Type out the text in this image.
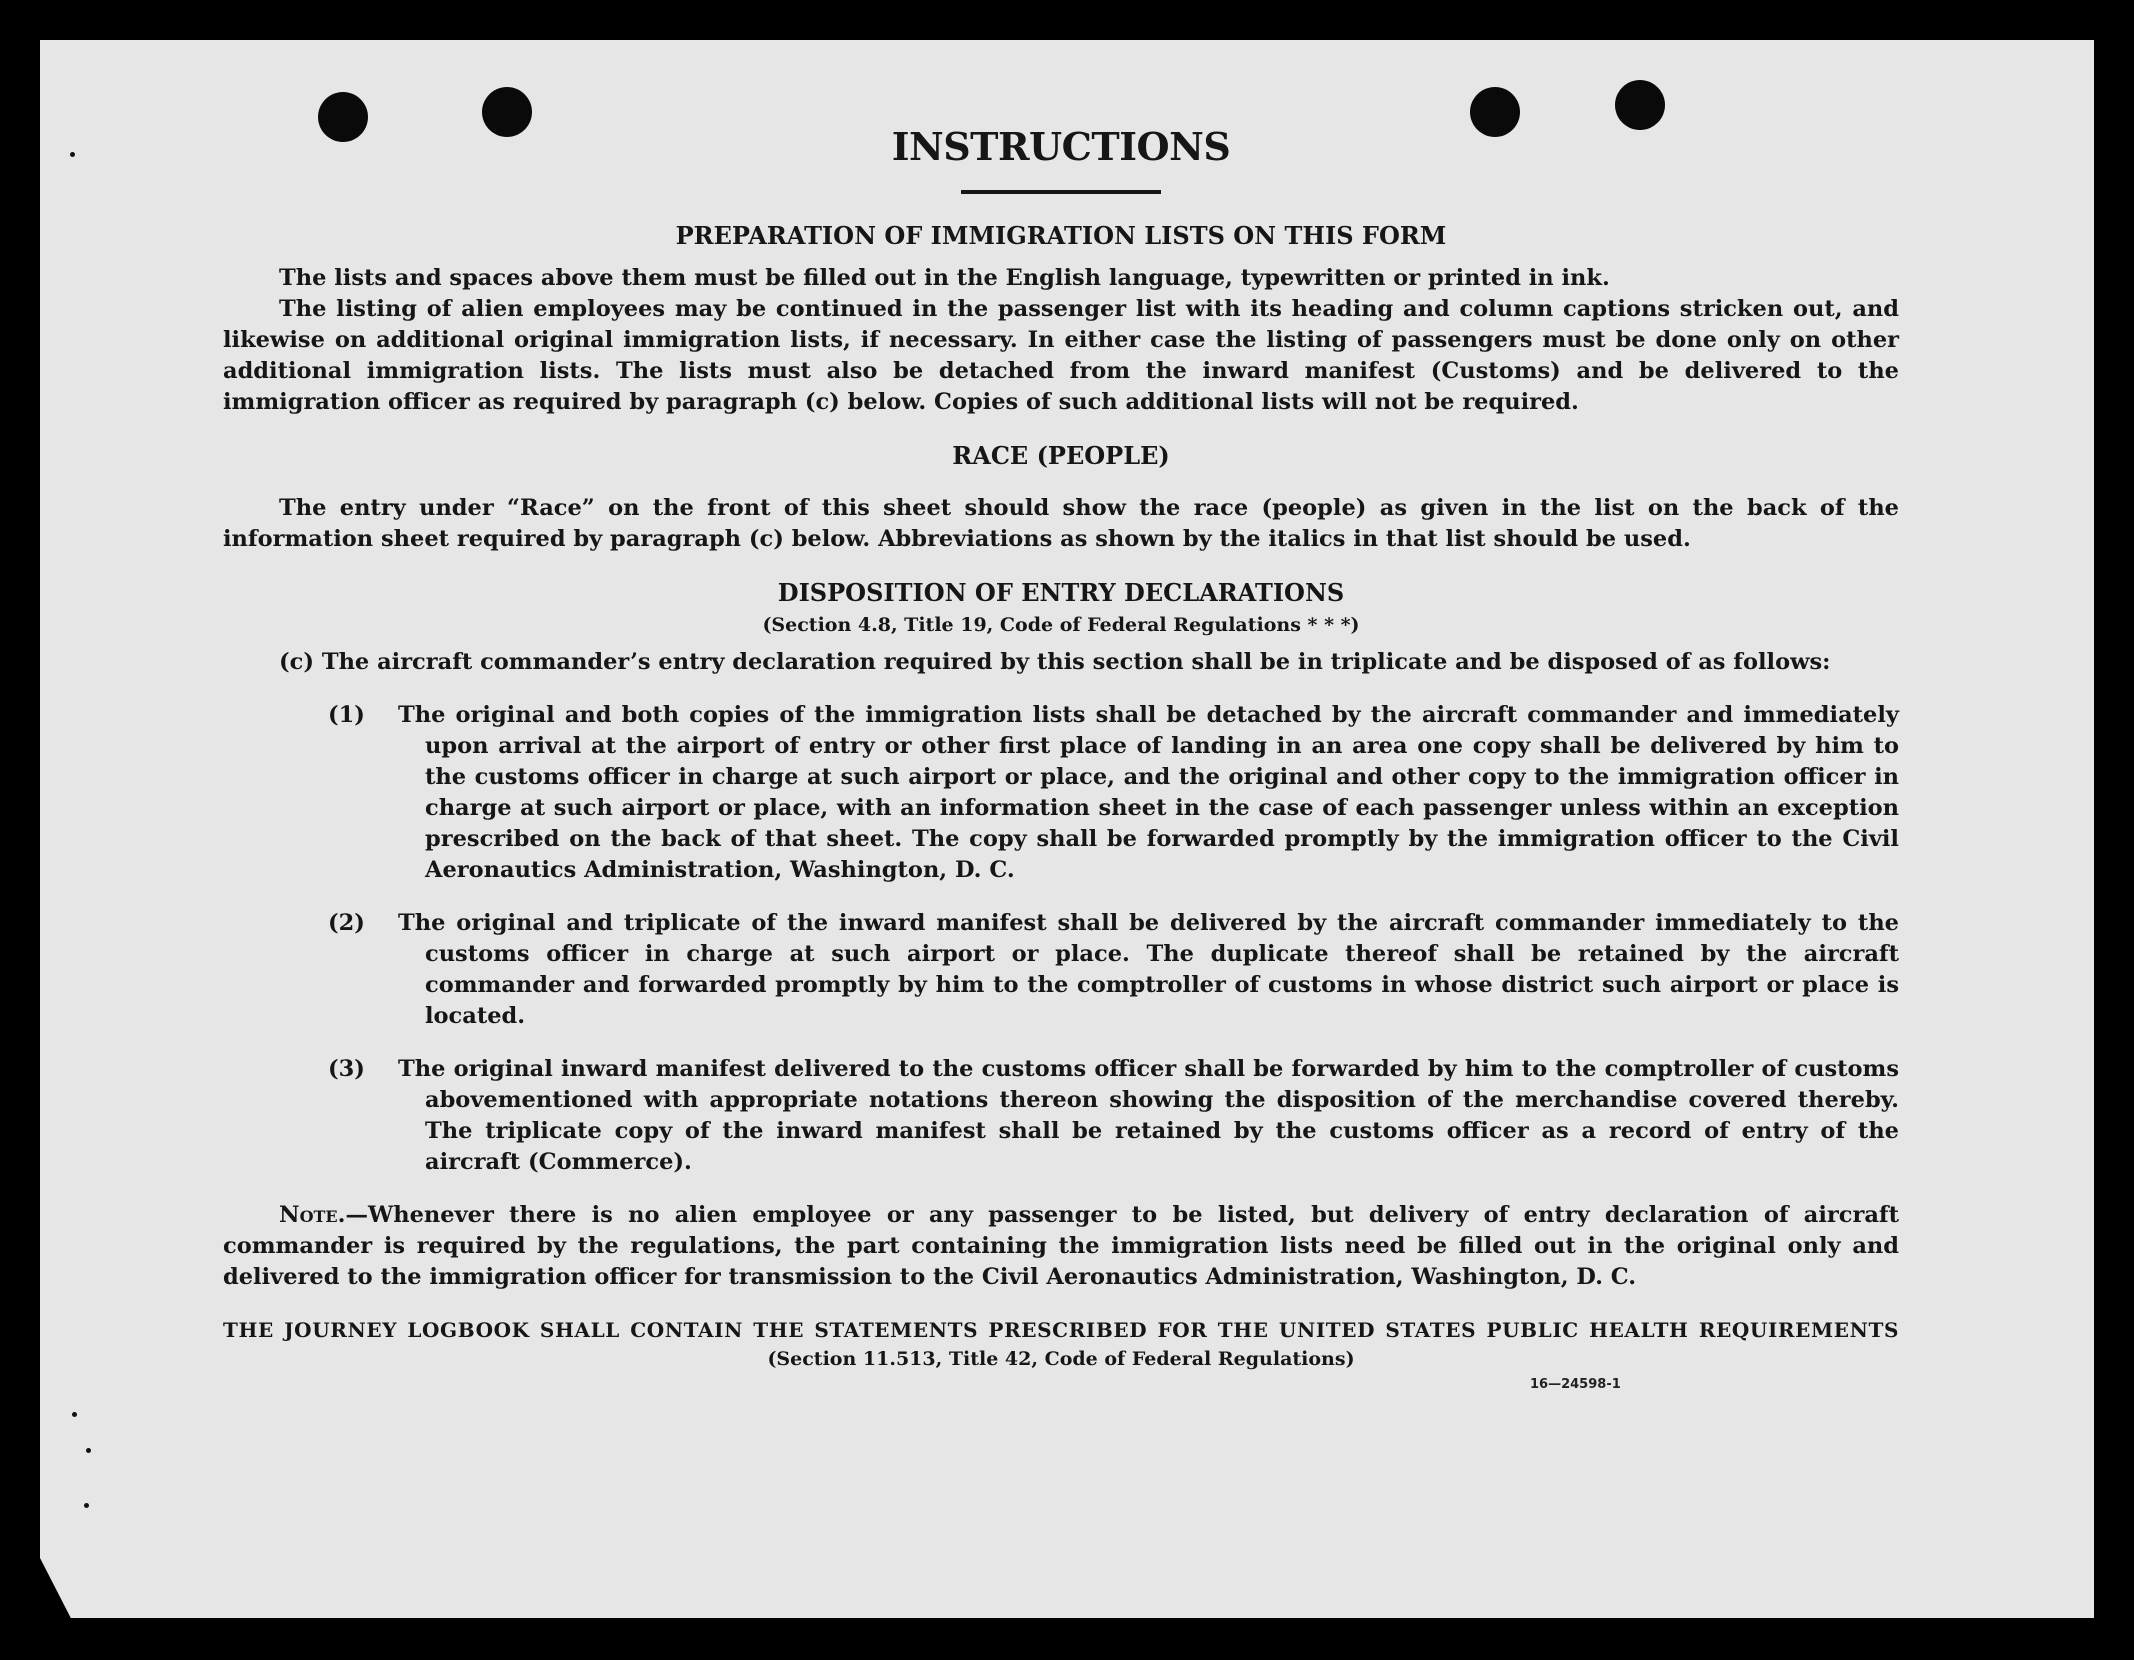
INSTRUCTIONS
PREPARATION OF IMMIGRATION LISTS ON THIS FORM

The lists and spaces above them must be filled out in the English language, typewritten or printed in ink.

The listing of alien employees may be continued in the passenger list with its heading and column captions stricken out, and likewise on additional original immigration lists, if necessary. In either case the listing of passengers must be done only on other additional immigration lists. The lists must also be detached from the inward manifest (Customs) and be delivered to the immigration officer as required by paragraph (c) below. Copies of such additional lists will not be required.

RACE (PEOPLE)

The entry under “Race” on the front of this sheet should show the race (people) as given in the list on the back of the information sheet required by paragraph (c) below. Abbreviations as shown by the italics in that list should be used.

DISPOSITION OF ENTRY DECLARATIONS
(Section 4.8, Title 19, Code of Federal Regulations * * *)

(c) The aircraft commander’s entry declaration required by this section shall be in triplicate and be disposed of as follows:

(1) The original and both copies of the immigration lists shall be detached by the aircraft commander and immediately upon arrival at the airport of entry or other first place of landing in an area one copy shall be delivered by him to the customs officer in charge at such airport or place, and the original and other copy to the immigration officer in charge at such airport or place, with an information sheet in the case of each passenger unless within an exception prescribed on the back of that sheet. The copy shall be forwarded promptly by the immigration officer to the Civil Aeronautics Administration, Washington, D. C.

(2) The original and triplicate of the inward manifest shall be delivered by the aircraft commander immediately to the customs officer in charge at such airport or place. The duplicate thereof shall be retained by the aircraft commander and forwarded promptly by him to the comptroller of customs in whose district such airport or place is located.

(3) The original inward manifest delivered to the customs officer shall be forwarded by him to the comptroller of customs abovementioned with appropriate notations thereon showing the disposition of the merchandise covered thereby. The triplicate copy of the inward manifest shall be retained by the customs officer as a record of entry of the aircraft (Commerce).

Note.—Whenever there is no alien employee or any passenger to be listed, but delivery of entry declaration of aircraft commander is required by the regulations, the part containing the immigration lists need be filled out in the original only and delivered to the immigration officer for transmission to the Civil Aeronautics Administration, Washington, D. C.

THE JOURNEY LOGBOOK SHALL CONTAIN THE STATEMENTS PRESCRIBED FOR THE UNITED STATES PUBLIC HEALTH REQUIREMENTS

(Section 11.513, Title 42, Code of Federal Regulations)
16—24598-1
